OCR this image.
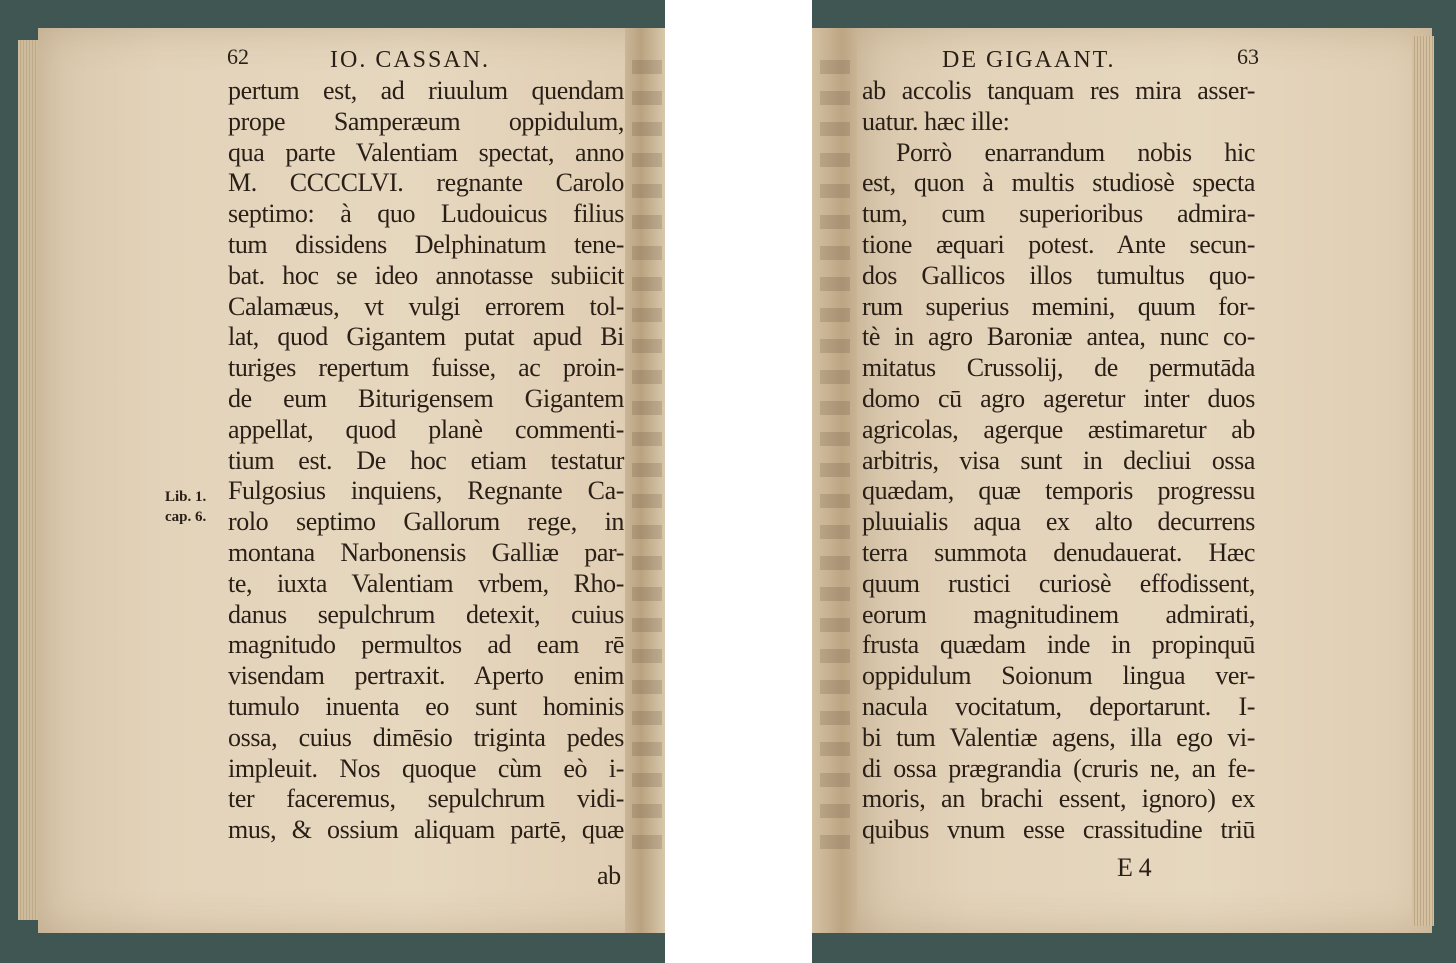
62	IO. CASSAN.
pertum est, ad riuulum quendam
prope Samperæum oppidulum,
qua parte Valentiam spectat, anno
M. CCCCLVI. regnante Carolo
septimo: à quo Ludouicus filius
tum dissidens Delphinatum tene-
bat. hoc se ideo annotasse subiicit
Calamæus, vt vulgi errorem tol-
lat, quod Gigantem putat apud Bi
turiges repertum fuisse, ac proin-
de eum Biturigensem Gigantem
appellat, quod planè commenti-
tium est. De hoc etiam testatur
Fulgosius inquiens, Regnante Ca-
rolo septimo Gallorum rege, in
montana Narbonensis Galliæ par-
te, iuxta Valentiam vrbem, Rho-
danus sepulchrum detexit, cuius
magnitudo permultos ad eam rē
visendam pertraxit. Aperto enim
tumulo inuenta eo sunt hominis
ossa, cuius dimēsio triginta pedes
impleuit. Nos quoque cùm eò i-
ter faceremus, sepulchrum vidi-
mus, & ossium aliquam partē, quæ
Lib. 1.
cap. 6.
ab
DE GIGAANT.	63
ab accolis tanquam res mira asser-
uatur. hæc ille:
Porrò enarrandum nobis hic
est, quon à multis studiosè specta
tum, cum superioribus admira-
tione æquari potest. Ante secun-
dos Gallicos illos tumultus quo-
rum superius memini, quum for-
tè in agro Baroniæ antea, nunc co-
mitatus Crussolij, de permutāda
domo cū agro ageretur inter duos
agricolas, agerque æstimaretur ab
arbitris, visa sunt in decliui ossa
quædam, quæ temporis progressu
pluuialis aqua ex alto decurrens
terra summota denudauerat. Hæc
quum rustici curiosè effodissent,
eorum magnitudinem admirati,
frusta quædam inde in propinquū
oppidulum Soionum lingua ver-
nacula vocitatum, deportarunt. I-
bi tum Valentiæ agens, illa ego vi-
di ossa prægrandia (cruris ne, an fe-
moris, an brachi essent, ignoro) ex
quibus vnum esse crassitudine triū
E 4
